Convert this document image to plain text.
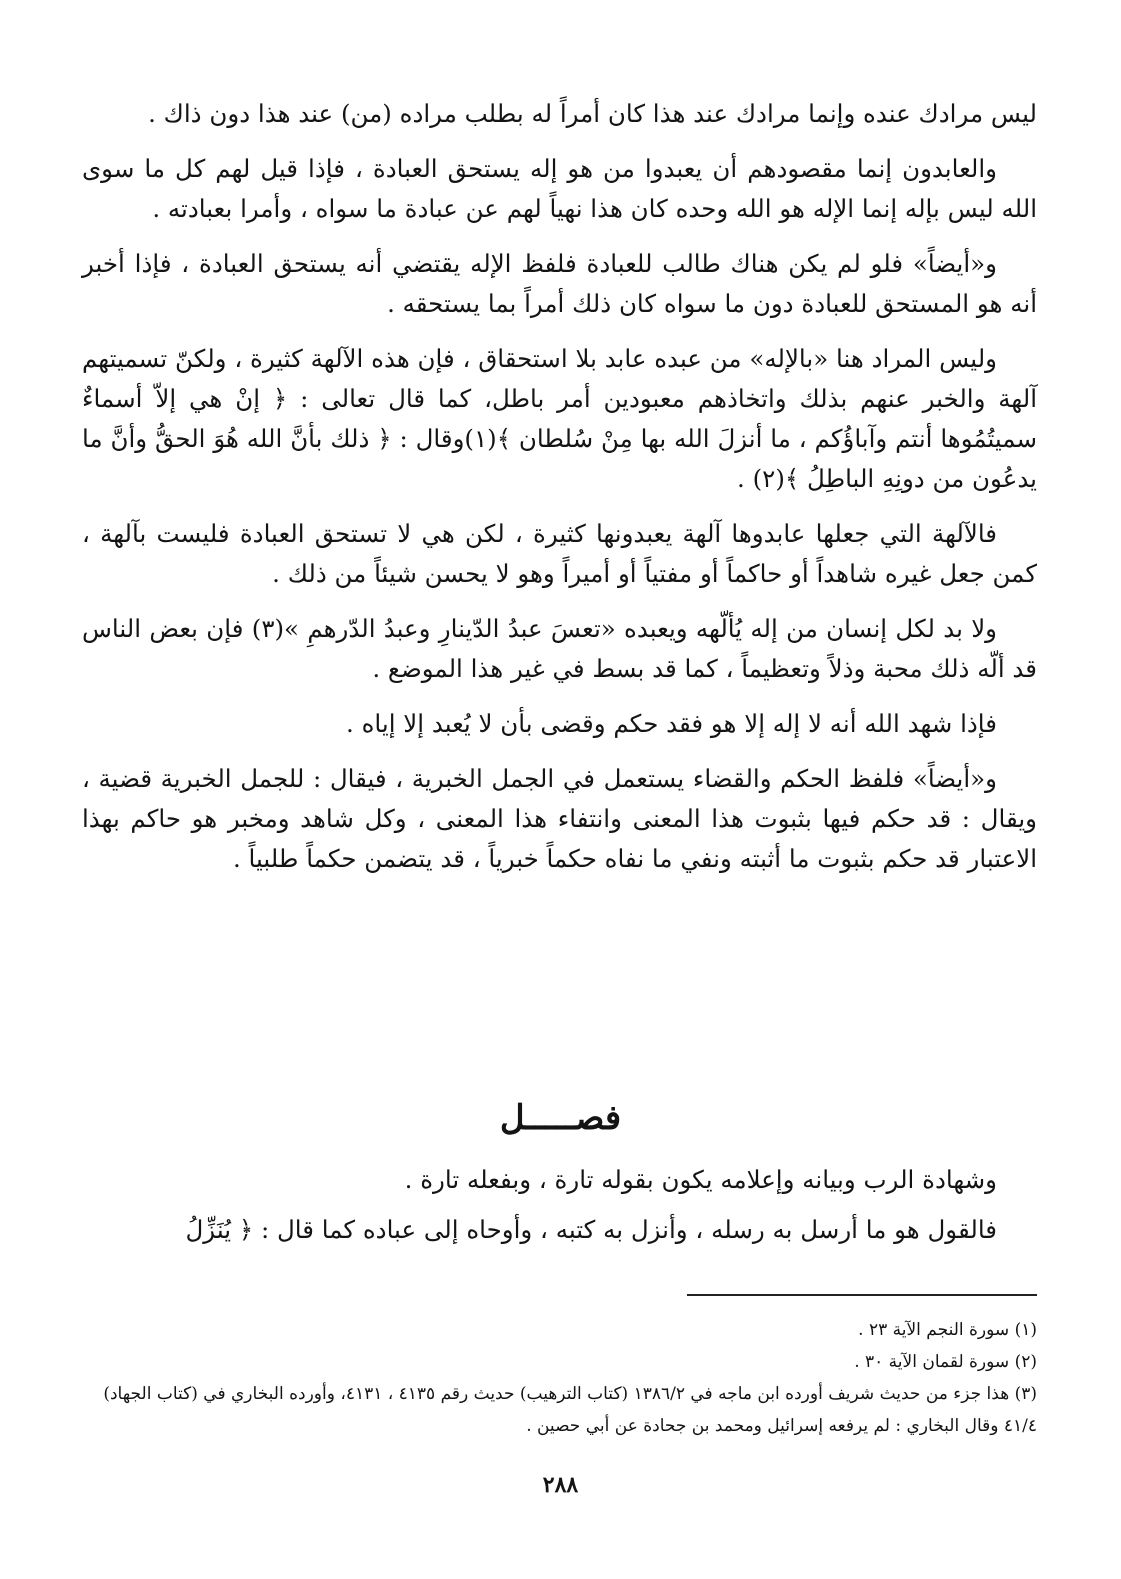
ليس مرادك عنده وإنما مرادك عند هذا كان أمراً له بطلب مراده (من) عند هذا دون ذاك .

والعابدون إنما مقصودهم أن يعبدوا من هو إله يستحق العبادة ، فإذا قيل لهم كل ما سوى الله ليس بإله إنما الإله هو الله وحده كان هذا نهياً لهم عن عبادة ما سواه ، وأمرا بعبادته .

و«أيضاً» فلو لم يكن هناك طالب للعبادة فلفظ الإله يقتضي أنه يستحق العبادة ، فإذا أخبر أنه هو المستحق للعبادة دون ما سواه كان ذلك أمراً بما يستحقه .

وليس المراد هنا «بالإله» من عبده عابد بلا استحقاق ، فإن هذه الآلهة كثيرة ، ولكنّ تسميتهم آلهة والخبر عنهم بذلك واتخاذهم معبودين أمر باطل، كما قال تعالى : ﴿ إنْ هي إلاّ أسماءٌ سميتُمُوها أنتم وآباؤُكم ، ما أنزلَ الله بها مِنْ سُلطان ﴾(١)وقال : ﴿ ذلك بأنَّ الله هُوَ الحقُّ وأنَّ ما يدعُون من دونِهِ الباطِلُ ﴾(٢) .

فالآلهة التي جعلها عابدوها آلهة يعبدونها كثيرة ، لكن هي لا تستحق العبادة فليست بآلهة ، كمن جعل غيره شاهداً أو حاكماً أو مفتياً أو أميراً وهو لا يحسن شيئاً من ذلك .

ولا بد لكل إنسان من إله يُألّهه ويعبده «تعسَ عبدُ الدّينارِ وعبدُ الدّرهمِ »(٣) فإن بعض الناس قد ألّه ذلك محبة وذلاً وتعظيماً ، كما قد بسط في غير هذا الموضع .

فإذا شهد الله أنه لا إله إلا هو فقد حكم وقضى بأن لا يُعبد إلا إياه .

و«أيضاً» فلفظ الحكم والقضاء يستعمل في الجمل الخبرية ، فيقال : للجمل الخبرية قضية ، ويقال : قد حكم فيها بثبوت هذا المعنى وانتفاء هذا المعنى ، وكل شاهد ومخبر هو حاكم بهذا الاعتبار قد حكم بثبوت ما أثبته ونفي ما نفاه حكماً خبرياً ، قد يتضمن حكماً طلبياً .

فصـــــل

وشهادة الرب وبيانه وإعلامه يكون بقوله تارة ، وبفعله تارة .

فالقول هو ما أرسل به رسله ، وأنزل به كتبه ، وأوحاه إلى عباده كما قال : ﴿ يُنَزِّلُ

(١) سورة النجم الآية ٢٣ .

(٢) سورة لقمان الآية ٣٠ .

(٣) هذا جزء من حديث شريف أورده ابن ماجه في ١٣٨٦/٢ (كتاب الترهيب) حديث رقم ٤١٣٥ ، ٤١٣١، وأورده البخاري في (كتاب الجهاد) ٤١/٤ وقال البخاري : لم يرفعه إسرائيل ومحمد بن جحادة عن أبي حصين .

٢٨٨
